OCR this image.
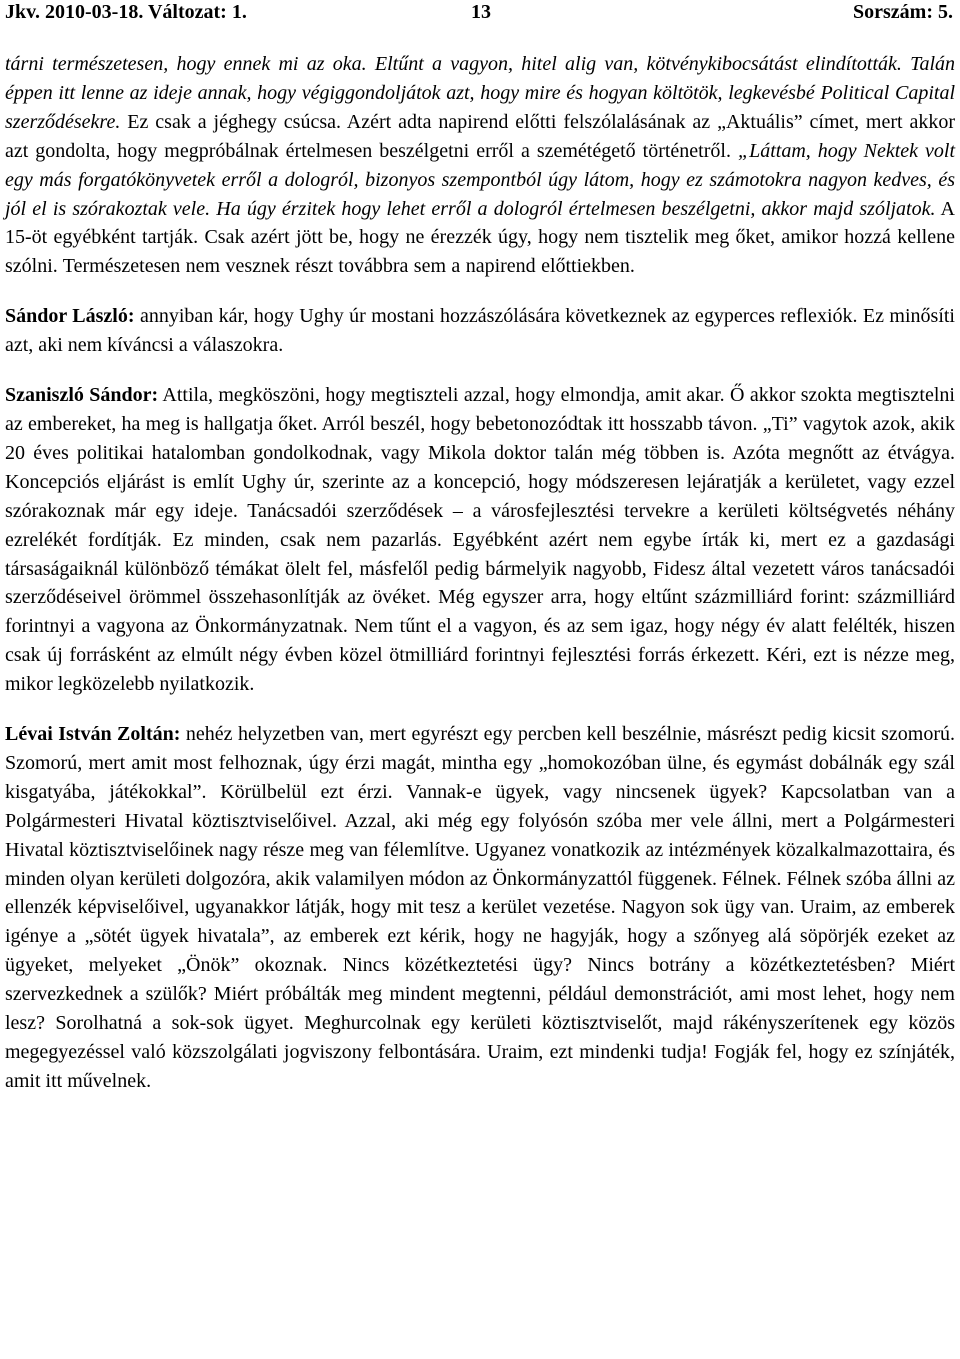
Jkv. 2010-03-18. Változat: 1.	13	Sorszám: 5.

tárni természetesen, hogy ennek mi az oka. Eltűnt a vagyon, hitel alig van, kötvénykibocsátást elindították. Talán éppen itt lenne az ideje annak, hogy végiggondoljátok azt, hogy mire és hogyan költötök, legkevésbé Political Capital szerződésekre. Ez csak a jéghegy csúcsa. Azért adta napirend előtti felszólalásának az „Aktuális” címet, mert akkor azt gondolta, hogy megpróbálnak értelmesen beszélgetni erről a szemétégető történetről. „Láttam, hogy Nektek volt egy más forgatókönyvetek erről a dologról, bizonyos szempontból úgy látom, hogy ez számotokra nagyon kedves, és jól el is szórakoztak vele. Ha úgy érzitek hogy lehet erről a dologról értelmesen beszélgetni, akkor majd szóljatok. A 15-öt egyébként tartják. Csak azért jött be, hogy ne érezzék úgy, hogy nem tisztelik meg őket, amikor hozzá kellene szólni. Természetesen nem vesznek részt továbbra sem a napirend előttiekben.

Sándor László: annyiban kár, hogy Ughy úr mostani hozzászólására következnek az egyperces reflexiók. Ez minősíti azt, aki nem kíváncsi a válaszokra.

Szaniszló Sándor: Attila, megköszöni, hogy megtiszteli azzal, hogy elmondja, amit akar. Ő akkor szokta megtisztelni az embereket, ha meg is hallgatja őket. Arról beszél, hogy bebetonozódtak itt hosszabb távon. „Ti” vagytok azok, akik 20 éves politikai hatalomban gondolkodnak, vagy Mikola doktor talán még többen is. Azóta megnőtt az étvágya. Koncepciós eljárást is említ Ughy úr, szerinte az a koncepció, hogy módszeresen lejáratják a kerületet, vagy ezzel szórakoznak már egy ideje. Tanácsadói szerződések – a városfejlesztési tervekre a kerületi költségvetés néhány ezrelékét fordítják. Ez minden, csak nem pazarlás. Egyébként azért nem egybe írták ki, mert ez a gazdasági társaságaiknál különböző témákat ölelt fel, másfelől pedig bármelyik nagyobb, Fidesz által vezetett város tanácsadói szerződéseivel örömmel összehasonlítják az övéket. Még egyszer arra, hogy eltűnt százmilliárd forint: százmilliárd forintnyi a vagyona az Önkormányzatnak. Nem tűnt el a vagyon, és az sem igaz, hogy négy év alatt felélték, hiszen csak új forrásként az elmúlt négy évben közel ötmilliárd forintnyi fejlesztési forrás érkezett. Kéri, ezt is nézze meg, mikor legközelebb nyilatkozik.

Lévai István Zoltán: nehéz helyzetben van, mert egyrészt egy percben kell beszélnie, másrészt pedig kicsit szomorú. Szomorú, mert amit most felhoznak, úgy érzi magát, mintha egy „homokozóban ülne, és egymást dobálnák egy szál kisgatyába, játékokkal”. Körülbelül ezt érzi. Vannak-e ügyek, vagy nincsenek ügyek? Kapcsolatban van a Polgármesteri Hivatal köztisztviselőivel. Azzal, aki még egy folyósón szóba mer vele állni, mert a Polgármesteri Hivatal köztisztviselőinek nagy része meg van félemlítve. Ugyanez vonatkozik az intézmények közalkalmazottaira, és minden olyan kerületi dolgozóra, akik valamilyen módon az Önkormányzattól függenek. Félnek. Félnek szóba állni az ellenzék képviselőivel, ugyanakkor látják, hogy mit tesz a kerület vezetése. Nagyon sok ügy van. Uraim, az emberek igénye a „sötét ügyek hivatala”, az emberek ezt kérik, hogy ne hagyják, hogy a szőnyeg alá söpörjék ezeket az ügyeket, melyeket „Önök” okoznak. Nincs közétkeztetési ügy? Nincs botrány a közétkeztetésben? Miért szervezkednek a szülők? Miért próbálták meg mindent megtenni, például demonstrációt, ami most lehet, hogy nem lesz? Sorolhatná a sok-sok ügyet. Meghurcolnak egy kerületi köztisztviselőt, majd rákényszerítenek egy közös megegyezéssel való közszolgálati jogviszony felbontására. Uraim, ezt mindenki tudja! Fogják fel, hogy ez színjáték, amit itt művelnek.
